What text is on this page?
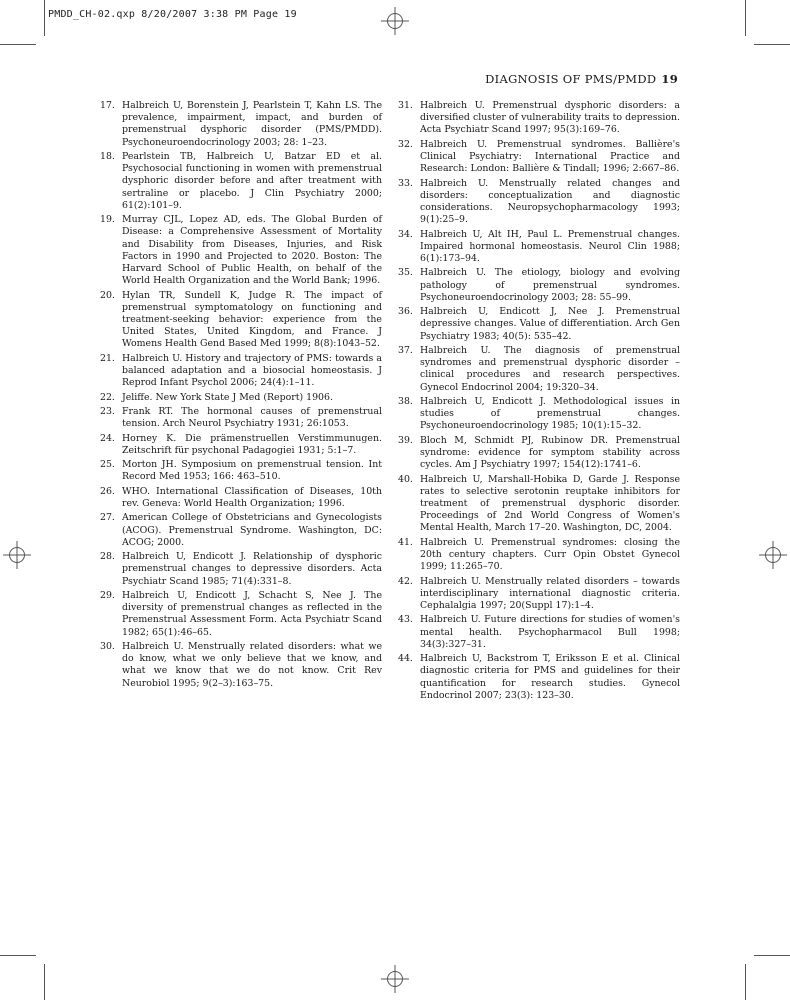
PMDD_CH-02.qxp 8/20/2007 3:38 PM Page 19
DIAGNOSIS OF PMS/PMDD 19
17. Halbreich U, Borenstein J, Pearlstein T, Kahn LS. The prevalence, impairment, impact, and burden of premenstrual dysphoric disorder (PMS/PMDD). Psychoneuroendocrinology 2003; 28: 1–23.
18. Pearlstein TB, Halbreich U, Batzar ED et al. Psychosocial functioning in women with premenstrual dysphoric disorder before and after treatment with sertraline or placebo. J Clin Psychiatry 2000; 61(2):101–9.
19. Murray CJL, Lopez AD, eds. The Global Burden of Disease: a Comprehensive Assessment of Mortality and Disability from Diseases, Injuries, and Risk Factors in 1990 and Projected to 2020. Boston: The Harvard School of Public Health, on behalf of the World Health Organization and the World Bank; 1996.
20. Hylan TR, Sundell K, Judge R. The impact of premenstrual symptomatology on functioning and treatment-seeking behavior: experience from the United States, United Kingdom, and France. J Womens Health Gend Based Med 1999; 8(8):1043–52.
21. Halbreich U. History and trajectory of PMS: towards a balanced adaptation and a biosocial homeostasis. J Reprod Infant Psychol 2006; 24(4):1–11.
22. Jeliffe. New York State J Med (Report) 1906.
23. Frank RT. The hormonal causes of premenstrual tension. Arch Neurol Psychiatry 1931; 26:1053.
24. Horney K. Die prämenstruellen Verstimmunugen. Zeitschrift für psychonal Padagogiei 1931; 5:1–7.
25. Morton JH. Symposium on premenstrual tension. Int Record Med 1953; 166: 463–510.
26. WHO. International Classification of Diseases, 10th rev. Geneva: World Health Organization; 1996.
27. American College of Obstetricians and Gynecologists (ACOG). Premenstrual Syndrome. Washington, DC: ACOG; 2000.
28. Halbreich U, Endicott J. Relationship of dysphoric premenstrual changes to depressive disorders. Acta Psychiatr Scand 1985; 71(4):331–8.
29. Halbreich U, Endicott J, Schacht S, Nee J. The diversity of premenstrual changes as reflected in the Premenstrual Assessment Form. Acta Psychiatr Scand 1982; 65(1):46–65.
30. Halbreich U. Menstrually related disorders: what we do know, what we only believe that we know, and what we know that we do not know. Crit Rev Neurobiol 1995; 9(2–3):163–75.
31. Halbreich U. Premenstrual dysphoric disorders: a diversified cluster of vulnerability traits to depression. Acta Psychiatr Scand 1997; 95(3):169–76.
32. Halbreich U. Premenstrual syndromes. Ballière's Clinical Psychiatry: International Practice and Research: London: Ballière & Tindall; 1996; 2:667–86.
33. Halbreich U. Menstrually related changes and disorders: conceptualization and diagnostic considerations. Neuropsychopharmacology 1993; 9(1):25–9.
34. Halbreich U, Alt IH, Paul L. Premenstrual changes. Impaired hormonal homeostasis. Neurol Clin 1988; 6(1):173–94.
35. Halbreich U. The etiology, biology and evolving pathology of premenstrual syndromes. Psychoneuroendocrinology 2003; 28: 55–99.
36. Halbreich U, Endicott J, Nee J. Premenstrual depressive changes. Value of differentiation. Arch Gen Psychiatry 1983; 40(5): 535–42.
37. Halbreich U. The diagnosis of premenstrual syndromes and premenstrual dysphoric disorder – clinical procedures and research perspectives. Gynecol Endocrinol 2004; 19:320–34.
38. Halbreich U, Endicott J. Methodological issues in studies of premenstrual changes. Psychoneuroendocrinology 1985; 10(1):15–32.
39. Bloch M, Schmidt PJ, Rubinow DR. Premenstrual syndrome: evidence for symptom stability across cycles. Am J Psychiatry 1997; 154(12):1741–6.
40. Halbreich U, Marshall-Hobika D, Garde J. Response rates to selective serotonin reuptake inhibitors for treatment of premenstrual dysphoric disorder. Proceedings of 2nd World Congress of Women's Mental Health, March 17–20. Washington, DC, 2004.
41. Halbreich U. Premenstrual syndromes: closing the 20th century chapters. Curr Opin Obstet Gynecol 1999; 11:265–70.
42. Halbreich U. Menstrually related disorders – towards interdisciplinary international diagnostic criteria. Cephalalgia 1997; 20(Suppl 17):1–4.
43. Halbreich U. Future directions for studies of women's mental health. Psychopharmacol Bull 1998; 34(3):327–31.
44. Halbreich U, Backstrom T, Eriksson E et al. Clinical diagnostic criteria for PMS and guidelines for their quantification for research studies. Gynecol Endocrinol 2007; 23(3): 123–30.
